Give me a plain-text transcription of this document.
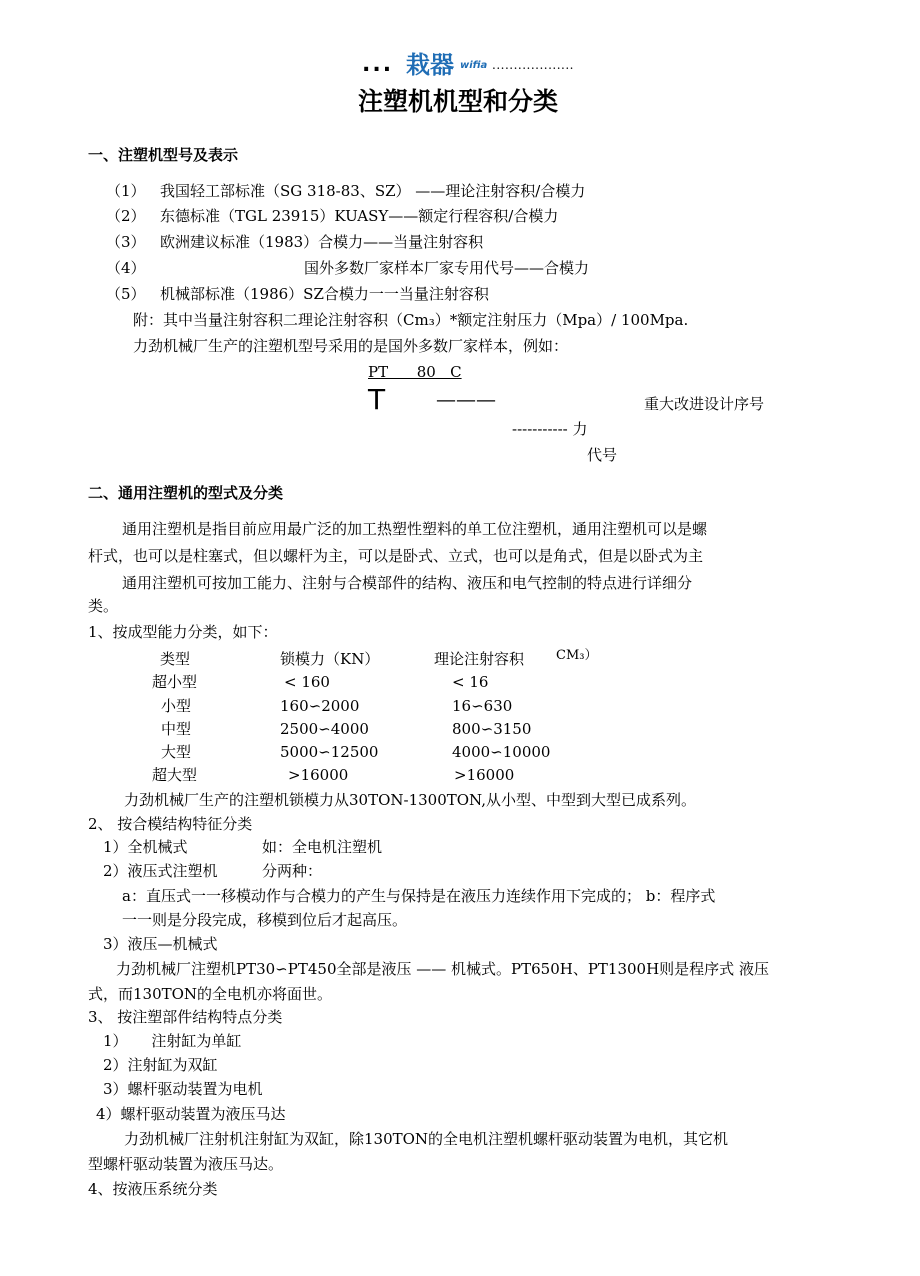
... 栽器 wifia ...................
注塑机机型和分类
一、注塑机型号及表示
（1） 我国轻工部标准（SG 318-83、SZ） ——理论注射容积/合模力
（2） 东德标准（TGL 23915）KUASY——额定行程容积/合模力
（3） 欧洲建议标准（1983）合模力——当量注射容积
（4）	国外多数厂家样本厂家专用代号——合模力
（5） 机械部标准（1986）SZ合模力一一当量注射容积
附：其中当量注射容积二理论注射容积（Cm₃）*额定注射压力（Mpa）/ 100Mpa.
力劲机械厂生产的注塑机型号采用的是国外多数厂家样本，例如：
PT      80   C
T	———	重大改进设计序号
----------- 力
代号
二、通用注塑机的型式及分类
通用注塑机是指目前应用最广泛的加工热塑性塑料的单工位注塑机，通用注塑机可以是螺
杆式，也可以是柱塞式，但以螺杆为主，可以是卧式、立式，也可以是角式，但是以卧式为主
通用注塑机可按加工能力、注射与合模部件的结构、液压和电气控制的特点进行详细分
类。
1、按成型能力分类，如下：
类型	锁模力（KN）	理论注射容积 CM₃）
超小型	< 160	< 16
小型	160∽2000	16∽630
中型	2500∽4000	800∽3150
大型	5000∽12500	4000∽10000
超大型	>16000	>16000
力劲机械厂生产的注塑机锁模力从30TON-1300TON,从小型、中型到大型已成系列。
2、 按合模结构特征分类
1）全机械式	如：全电机注塑机
2）液压式注塑机	分两种：
a：直压式一一移模动作与合模力的产生与保持是在液压力连续作用下完成的； b：程序式
一一则是分段完成，移模到位后才起高压。
3）液压—机械式
力劲机械厂注塑机PT30∽PT450全部是液压 —— 机械式。PT650H、PT1300H则是程序式 液压
式，而130TON的全电机亦将面世。
3、 按注塑部件结构特点分类
1）     注射缸为单缸
2）注射缸为双缸
3）螺杆驱动装置为电机
4）螺杆驱动装置为液压马达
力劲机械厂注射机注射缸为双缸，除130TON的全电机注塑机螺杆驱动装置为电机，其它机
型螺杆驱动装置为液压马达。
4、按液压系统分类
